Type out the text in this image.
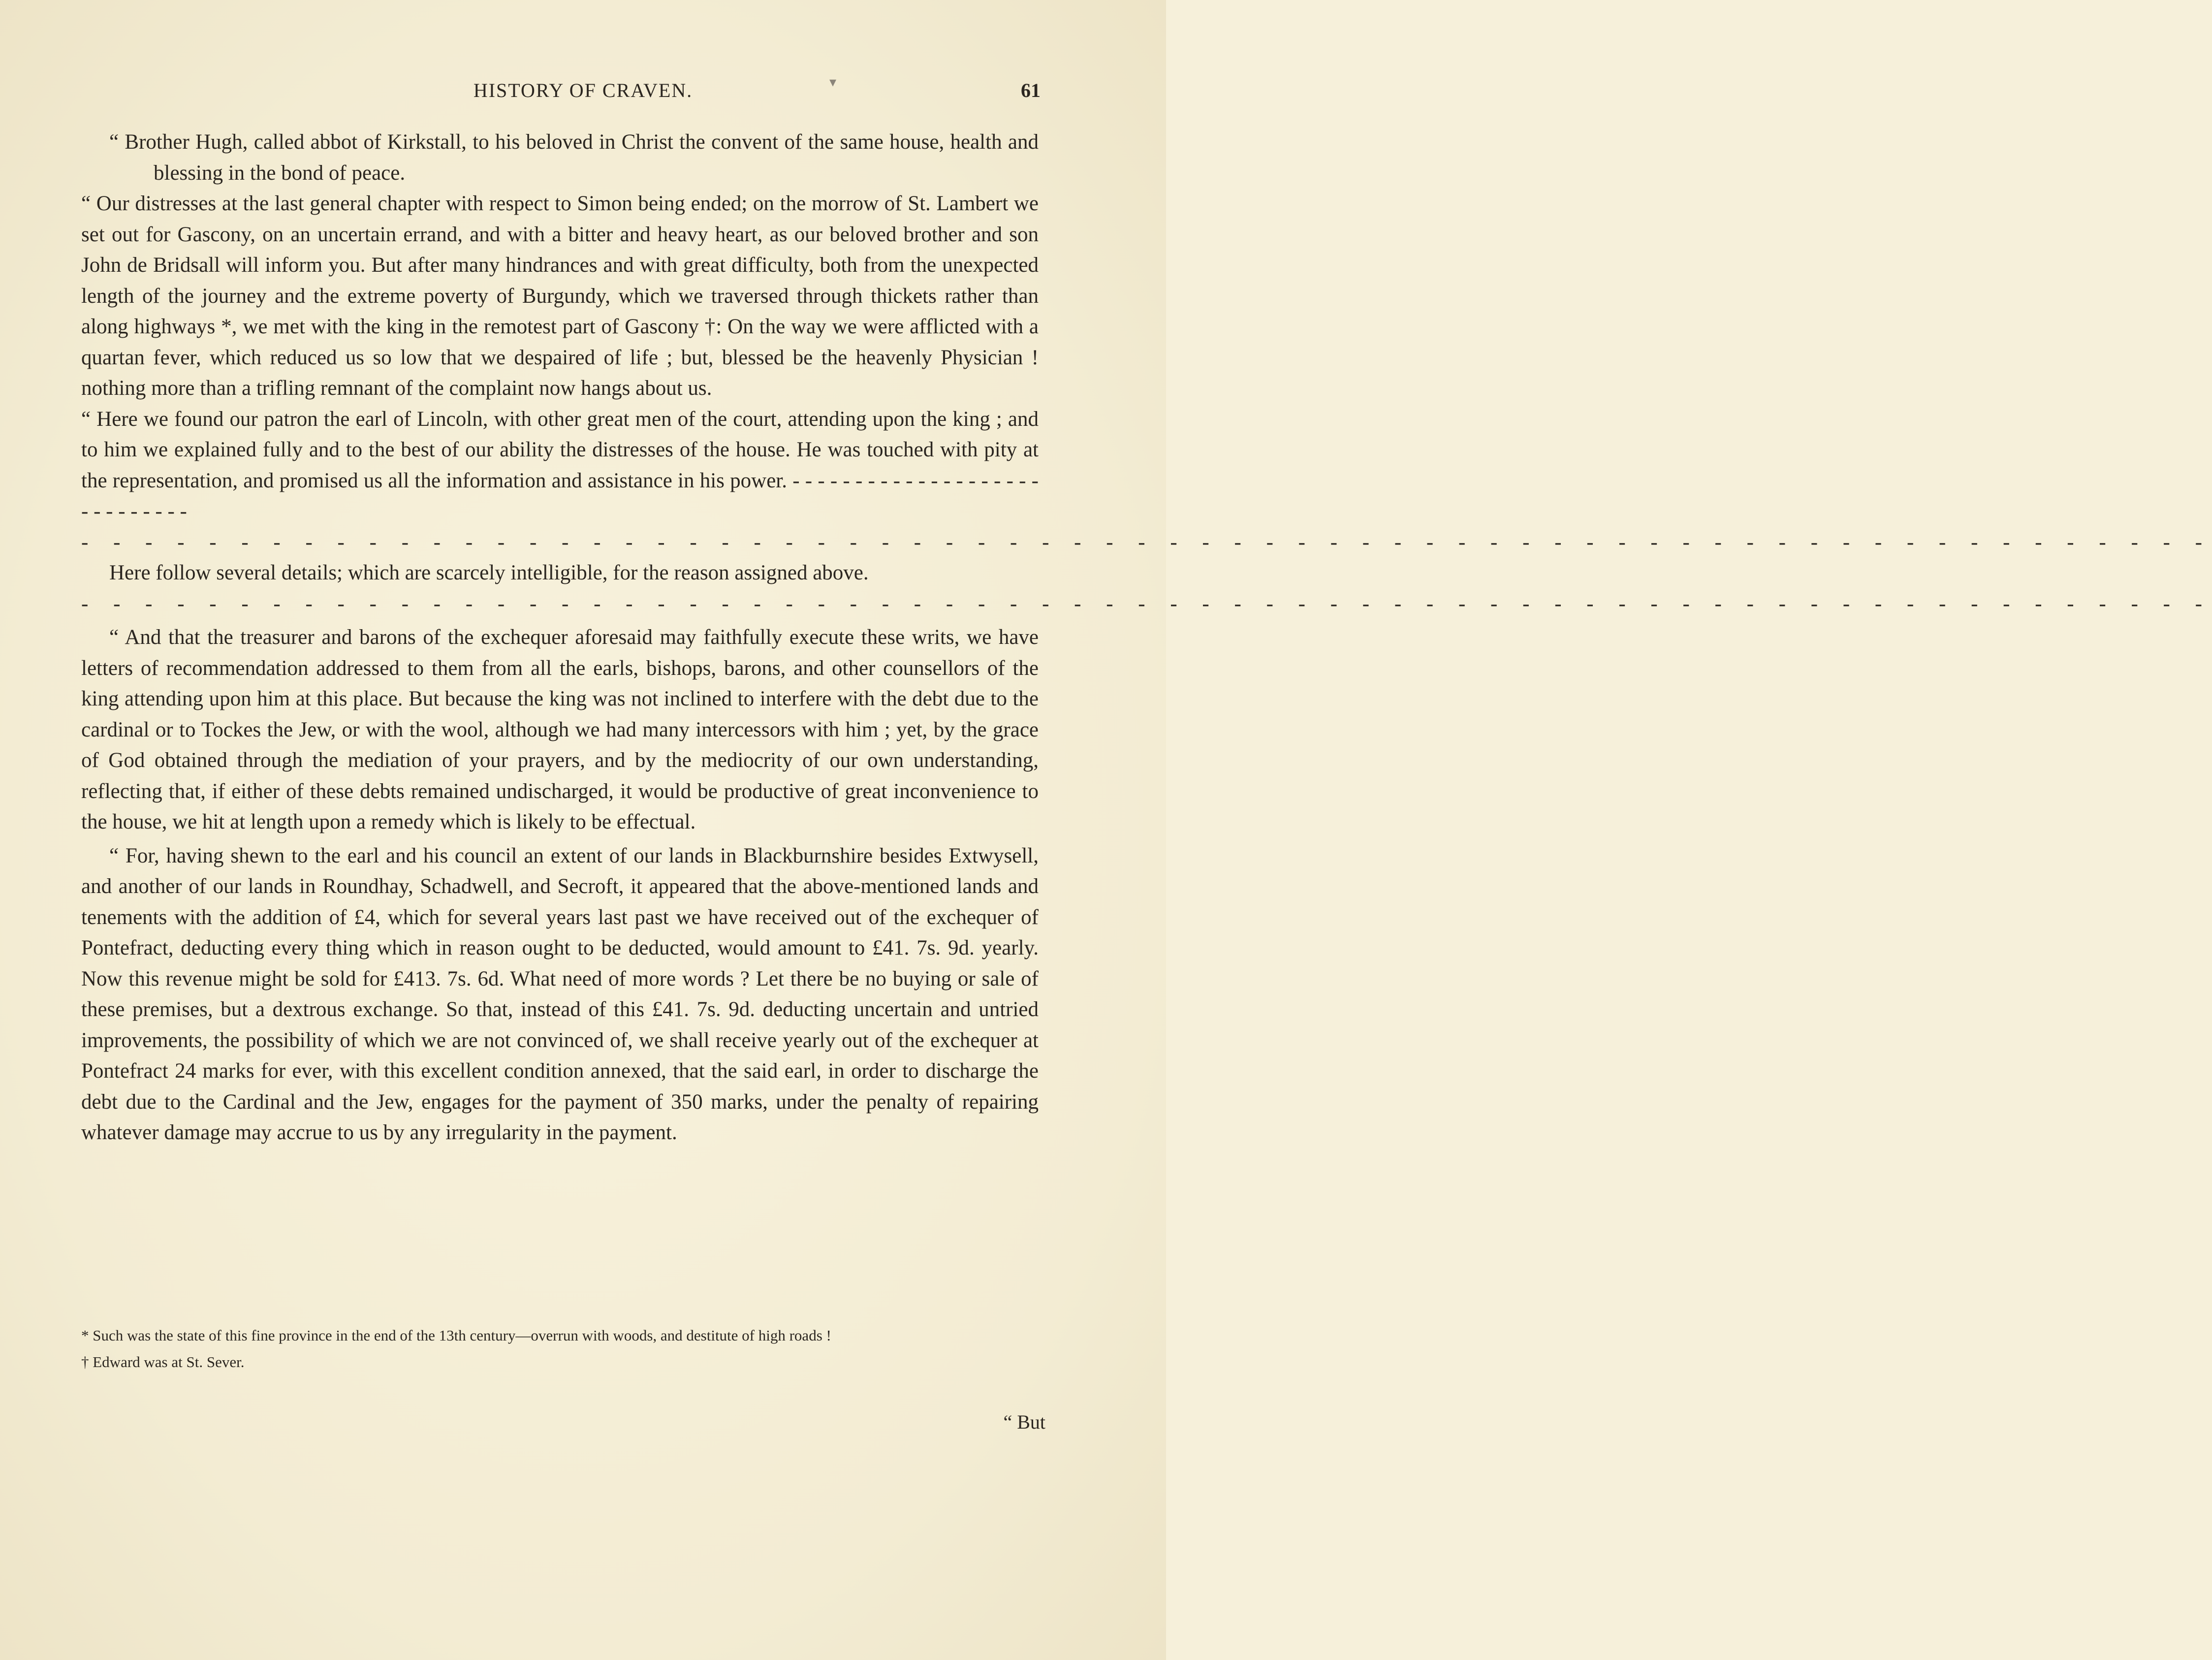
HISTORY OF CRAVEN.	61

“ Brother Hugh, called abbot of Kirkstall, to his beloved in Christ the convent of the same house, health and blessing in the bond of peace.

“ Our distresses at the last general chapter with respect to Simon being ended; on the morrow of St. Lambert we set out for Gascony, on an uncertain errand, and with a bitter and heavy heart, as our beloved brother and son John de Bridsall will inform you. But after many hindrances and with great difficulty, both from the unexpected length of the journey and the extreme poverty of Burgundy, which we traversed through thickets rather than along highways *, we met with the king in the remotest part of Gascony †: On the way we were afflicted with a quartan fever, which reduced us so low that we despaired of life ; but, blessed be the heavenly Physician ! nothing more than a trifling remnant of the complaint now hangs about us.

“ Here we found our patron the earl of Lincoln, with other great men of the court, attending upon the king ; and to him we explained fully and to the best of our ability the distresses of the house. He was touched with pity at the representation, and promised us all the information and assistance in his power. - - - - - - - - - - - - - - - - - - - - - - - - - - - - -

- - - - - - - - - - - - - - - - - - - - - - - - - - - - - - - - - - - - - - - - - - - - - - - - - - - - - - - - - - - - - - - - - - -
Here follow several details; which are scarcely intelligible, for the reason assigned above.
- - - - - - - - - - - - - - - - - - - - - - - - - - - - - - - - - - - - - - - - - - - - - - - - - - - - - - - - - - - - - - - - - - -

“ And that the treasurer and barons of the exchequer aforesaid may faithfully execute these writs, we have letters of recommendation addressed to them from all the earls, bishops, barons, and other counsellors of the king attending upon him at this place. But because the king was not inclined to interfere with the debt due to the cardinal or to Tockes the Jew, or with the wool, although we had many intercessors with him ; yet, by the grace of God obtained through the mediation of your prayers, and by the mediocrity of our own understanding, reflecting that, if either of these debts remained undischarged, it would be productive of great inconvenience to the house, we hit at length upon a remedy which is likely to be effectual.

“ For, having shewn to the earl and his council an extent of our lands in Blackburnshire besides Extwysell, and another of our lands in Roundhay, Schadwell, and Secroft, it appeared that the above-mentioned lands and tenements with the addition of £4, which for several years last past we have received out of the exchequer of Pontefract, deducting every thing which in reason ought to be deducted, would amount to £41. 7s. 9d. yearly. Now this revenue might be sold for £413. 7s. 6d. What need of more words ? Let there be no buying or sale of these premises, but a dextrous exchange. So that, instead of this £41. 7s. 9d. deducting uncertain and untried improvements, the possibility of which we are not convinced of, we shall receive yearly out of the exchequer at Pontefract 24 marks for ever, with this excellent condition annexed, that the said earl, in order to discharge the debt due to the Cardinal and the Jew, engages for the payment of 350 marks, under the penalty of repairing whatever damage may accrue to us by any irregularity in the payment.

* Such was the state of this fine province in the end of the 13th century—overrun with woods, and destitute of high roads !

† Edward was at St. Sever.

“ But
▾
